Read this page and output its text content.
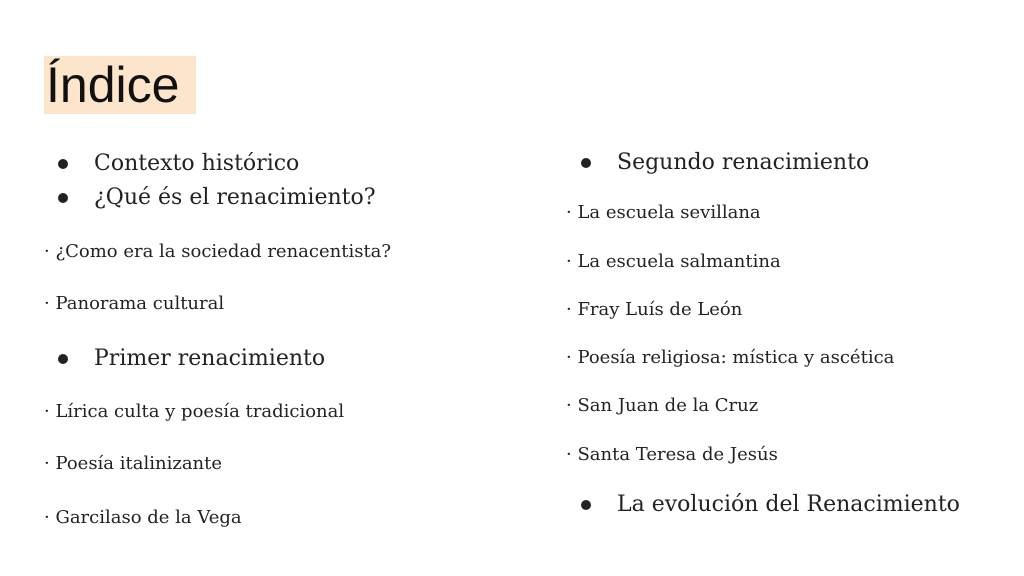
Índice
Contexto histórico
¿Qué és el renacimiento?
· ¿Como era la sociedad renacentista?
· Panorama cultural
Primer renacimiento
· Lírica culta y poesía tradicional
· Poesía italinizante
· Garcilaso de la Vega
Segundo renacimiento
· La escuela sevillana
· La escuela salmantina
· Fray Luís de León
· Poesía religiosa: mística y ascética
· San Juan de la Cruz
· Santa Teresa de Jesús
La evolución del Renacimiento
